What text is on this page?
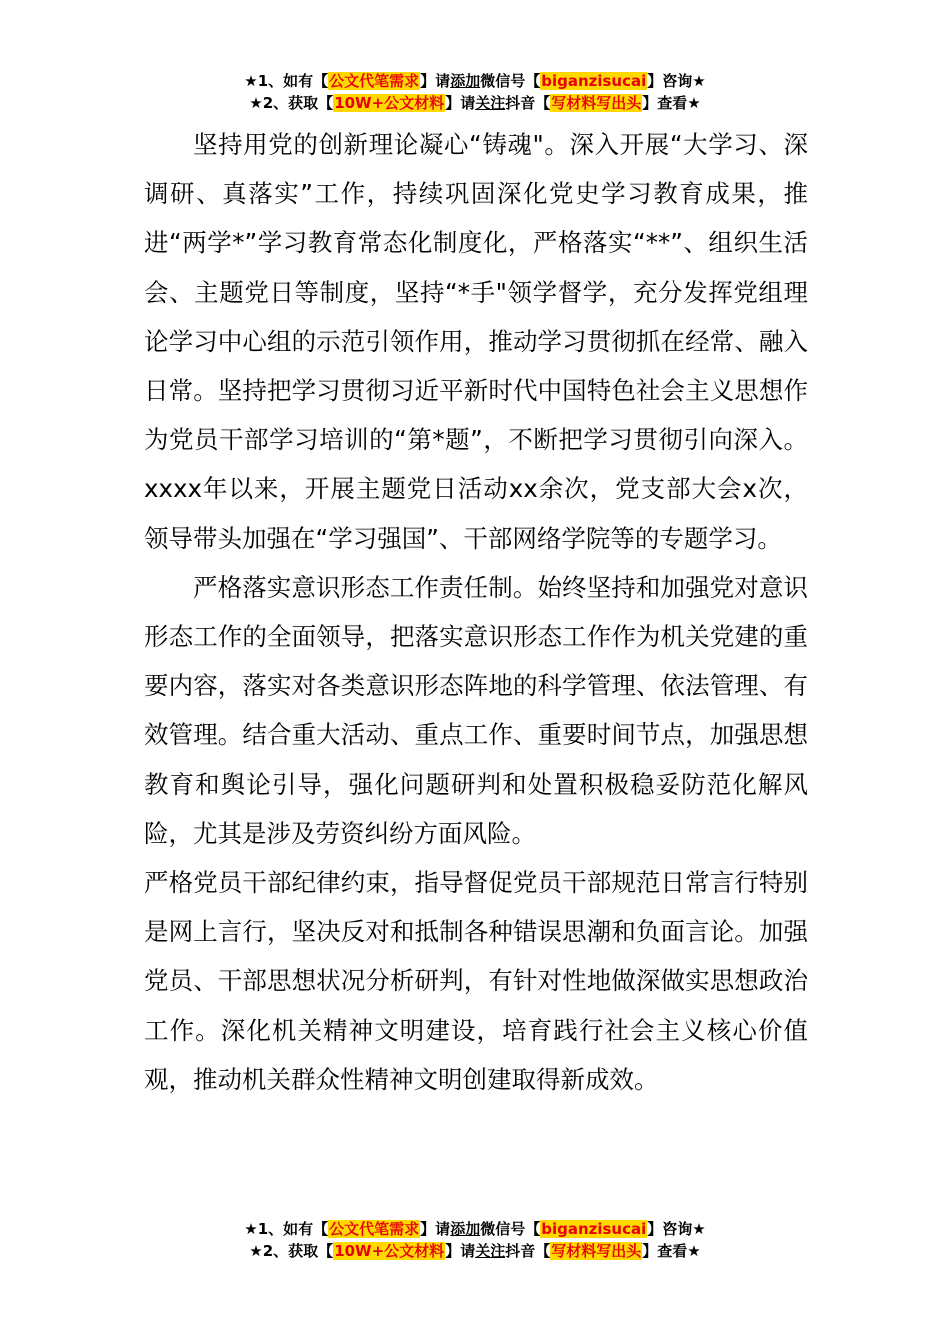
★1、如有【公文代笔需求】请添加微信号【biganzisucai】咨询★
★2、获取【10W+公文材料】请关注抖音【写材料写出头】查看★

坚持用党的创新理论凝心“铸魂"。深入开展“大学习、深调研、真落实”工作，持续巩固深化党史学习教育成果，推进“两学*”学习教育常态化制度化，严格落实“**”、组织生活会、主题党日等制度，坚持“*手"领学督学，充分发挥党组理论学习中心组的示范引领作用，推动学习贯彻抓在经常、融入日常。坚持把学习贯彻习近平新时代中国特色社会主义思想作为党员干部学习培训的“第*题”，不断把学习贯彻引向深入。xxxx年以来，开展主题党日活动xx余次，党支部大会x次，领导带头加强在“学习强国”、干部网络学院等的专题学习。

严格落实意识形态工作责任制。始终坚持和加强党对意识形态工作的全面领导，把落实意识形态工作作为机关党建的重要内容，落实对各类意识形态阵地的科学管理、依法管理、有效管理。结合重大活动、重点工作、重要时间节点，加强思想教育和舆论引导，强化问题研判和处置积极稳妥防范化解风险，尤其是涉及劳资纠纷方面风险。

严格党员干部纪律约束，指导督促党员干部规范日常言行特别是网上言行，坚决反对和抵制各种错误思潮和负面言论。加强党员、干部思想状况分析研判，有针对性地做深做实思想政治工作。深化机关精神文明建设，培育践行社会主义核心价值观，推动机关群众性精神文明创建取得新成效。

★1、如有【公文代笔需求】请添加微信号【biganzisucai】咨询★
★2、获取【10W+公文材料】请关注抖音【写材料写出头】查看★
